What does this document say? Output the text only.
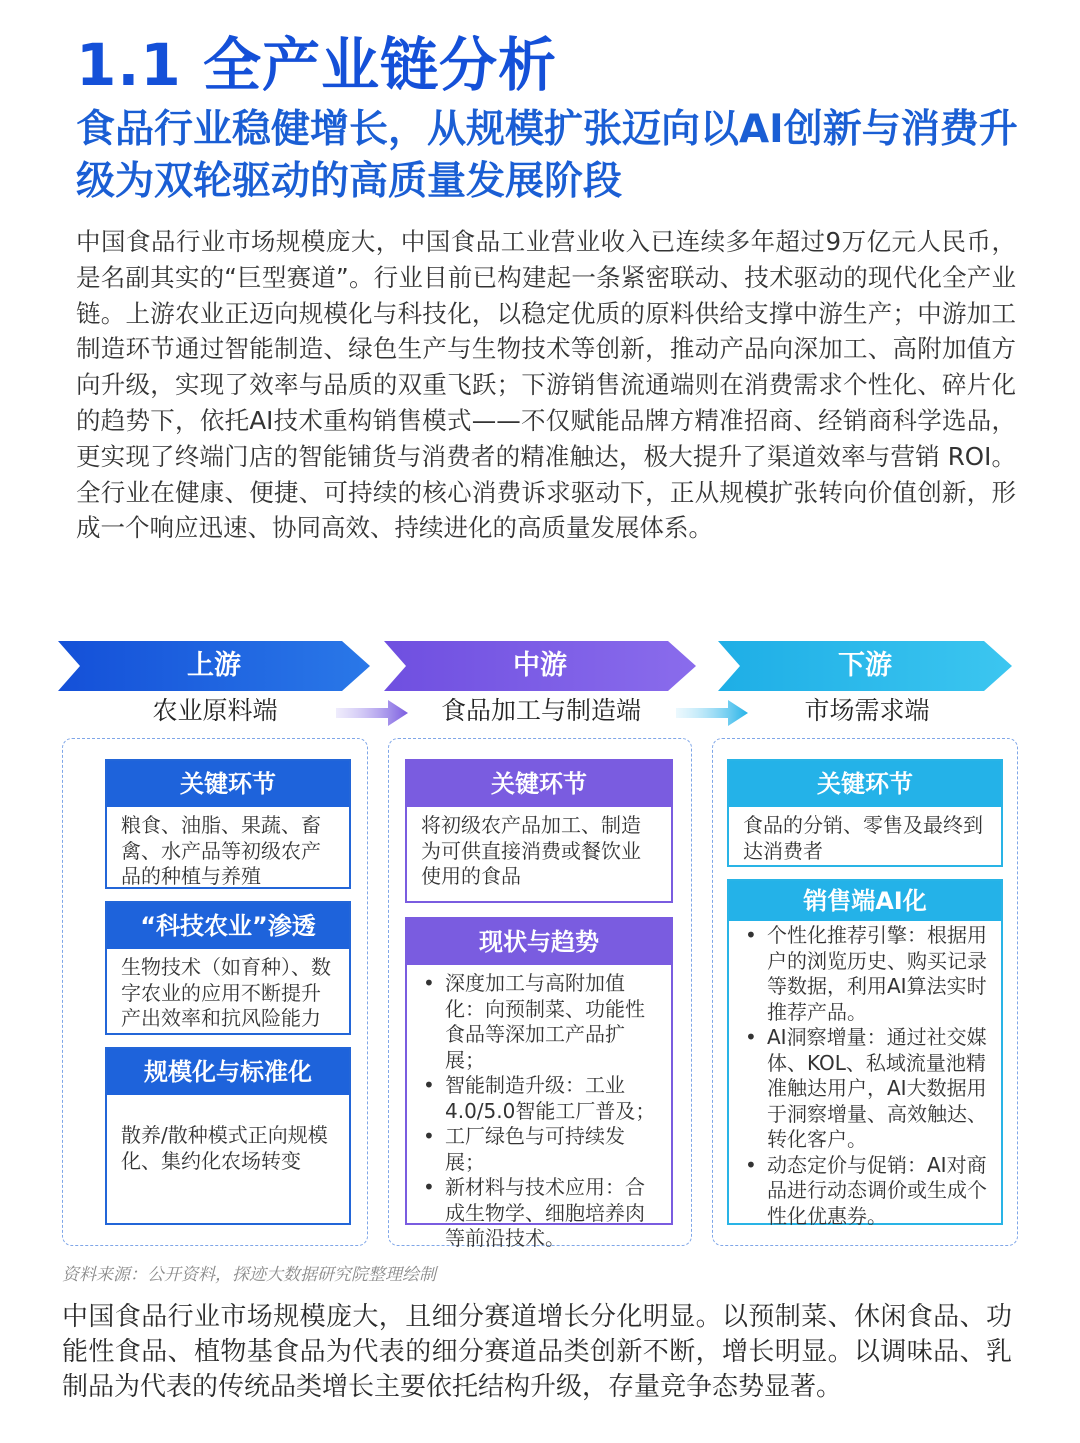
1.1 全产业链分析
食品行业稳健增长，从规模扩张迈向以AI创新与消费升级为双轮驱动的高质量发展阶段
中国食品行业市场规模庞大，中国食品工业营业收入已连续多年超过9万亿元人民币，是名副其实的“巨型赛道”。行业目前已构建起一条紧密联动、技术驱动的现代化全产业链。上游农业正迈向规模化与科技化，以稳定优质的原料供给支撑中游生产；中游加工制造环节通过智能制造、绿色生产与生物技术等创新，推动产品向深加工、高附加值方向升级，实现了效率与品质的双重飞跃；下游销售流通端则在消费需求个性化、碎片化的趋势下，依托AI技术重构销售模式——不仅赋能品牌方精准招商、经销商科学选品，更实现了终端门店的智能铺货与消费者的精准触达，极大提升了渠道效率与营销 ROI。全行业在健康、便捷、可持续的核心消费诉求驱动下，正从规模扩张转向价值创新，形成一个响应迅速、协同高效、持续进化的高质量发展体系。
上游	中游	下游
农业原料端	食品加工与制造端	市场需求端
关键环节
粮食、油脂、果蔬、畜禽、水产品等初级农产品的种植与养殖
“科技农业”渗透
生物技术（如育种）、数字农业的应用不断提升产出效率和抗风险能力
规模化与标准化
散养/散种模式正向规模化、集约化农场转变
关键环节
将初级农产品加工、制造为可供直接消费或餐饮业使用的食品
现状与趋势
• 深度加工与高附加值化：向预制菜、功能性食品等深加工产品扩展；
• 智能制造升级：工业4.0/5.0智能工厂普及；
• 工厂绿色与可持续发展；
• 新材料与技术应用：合成生物学、细胞培养肉等前沿技术。
关键环节
食品的分销、零售及最终到达消费者
销售端AI化
• 个性化推荐引擎：根据用户的浏览历史、购买记录等数据，利用AI算法实时推荐产品。
• AI洞察增量：通过社交媒体、KOL、私域流量池精准触达用户，AI大数据用于洞察增量、高效触达、转化客户。
• 动态定价与促销：AI对商品进行动态调价或生成个性化优惠券。
资料来源：公开资料，探迹大数据研究院整理绘制
中国食品行业市场规模庞大，且细分赛道增长分化明显。以预制菜、休闲食品、功能性食品、植物基食品为代表的细分赛道品类创新不断，增长明显。以调味品、乳制品为代表的传统品类增长主要依托结构升级，存量竞争态势显著。
